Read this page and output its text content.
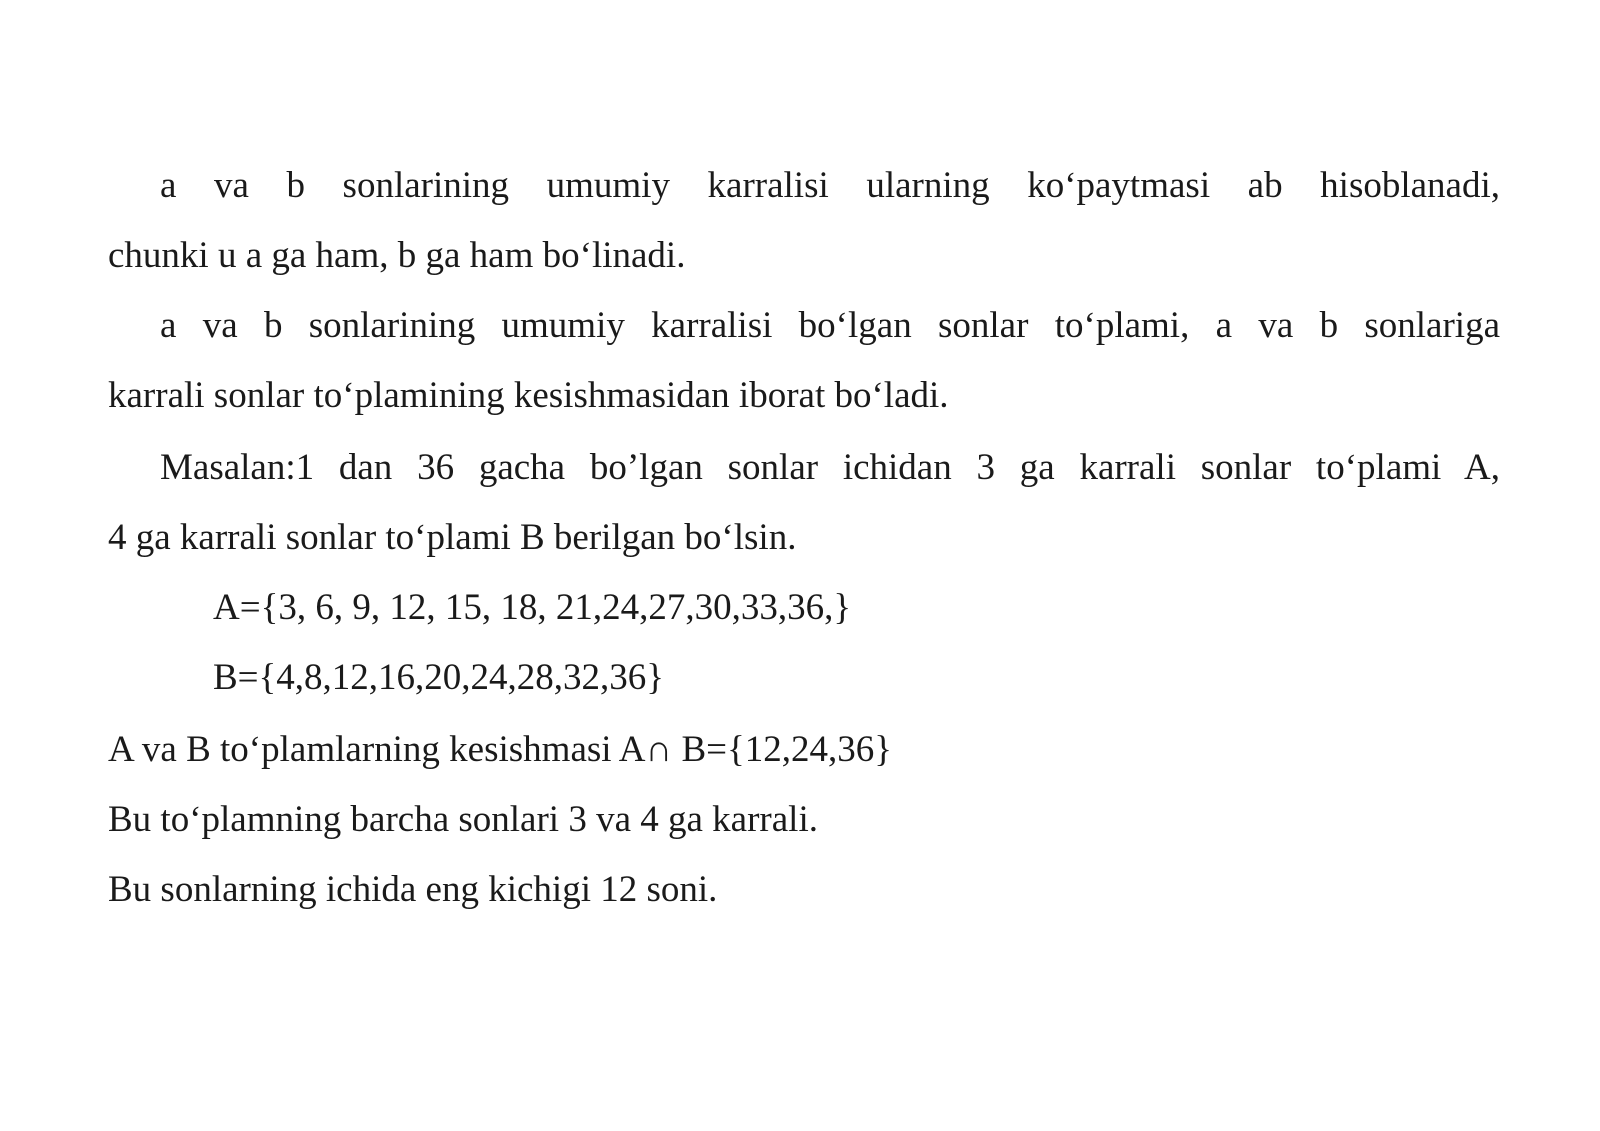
a va b sonlarining umumiy karralisi ularning ko‘paytmasi ab hisoblanadi,
chunki u a ga ham, b ga ham bo‘linadi.
a va b sonlarining umumiy karralisi bo‘lgan sonlar to‘plami, a va b sonlariga
karrali sonlar to‘plamining kesishmasidan iborat bo‘ladi.
Masalan:1 dan 36 gacha bo’lgan sonlar ichidan 3 ga karrali sonlar to‘plami A,
4 ga karrali sonlar to‘plami B berilgan bo‘lsin.
A={3, 6, 9, 12, 15, 18, 21,24,27,30,33,36,}
B={4,8,12,16,20,24,28,32,36}
A va B to‘plamlarning kesishmasi A∩ B={12,24,36}
Bu to‘plamning barcha sonlari 3 va 4 ga karrali.
Bu sonlarning ichida eng kichigi 12 soni.
